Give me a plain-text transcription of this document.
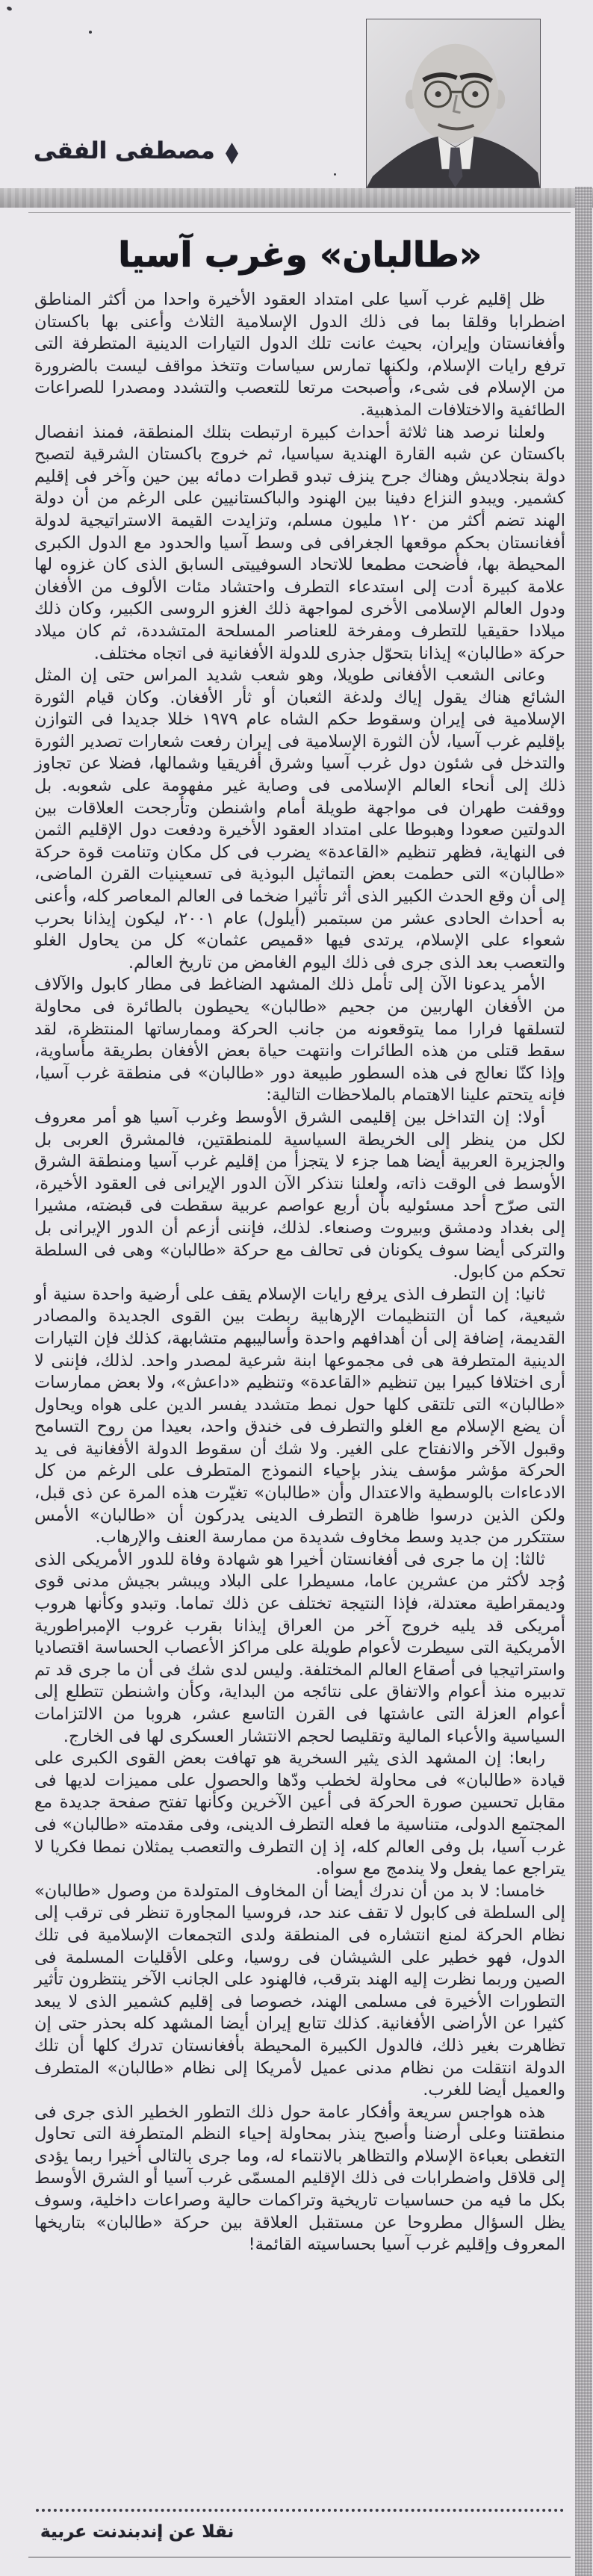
مصطفى الفقى
«طالبان» وغرب آسيا

ظل إقليم غرب آسيا على امتداد العقود الأخيرة واحدا من أكثر المناطق اضطرابا وقلقا بما فى ذلك الدول الإسلامية الثلاث وأعنى بها باكستان وأفغانستان وإيران، بحيث عانت تلك الدول التيارات الدينية المتطرفة التى ترفع رايات الإسلام، ولكنها تمارس سياسات وتتخذ مواقف ليست بالضرورة من الإسلام فى شىء، وأصبحت مرتعا للتعصب والتشدد ومصدرا للصراعات الطائفية والاختلافات المذهبية.

ولعلنا نرصد هنا ثلاثة أحداث كبيرة ارتبطت بتلك المنطقة، فمنذ انفصال باكستان عن شبه القارة الهندية سياسيا، ثم خروج باكستان الشرقية لتصبح دولة بنجلاديش وهناك جرح ينزف تبدو قطرات دمائه بين حين وآخر فى إقليم كشمير. ويبدو النزاع دفينا بين الهنود والباكستانيين على الرغم من أن دولة الهند تضم أكثر من ١٢٠ مليون مسلم، وتزايدت القيمة الاستراتيجية لدولة أفغانستان بحكم موقعها الجغرافى فى وسط آسيا والحدود مع الدول الكبرى المحيطة بها، فأضحت مطمعا للاتحاد السوفييتى السابق الذى كان غزوه لها علامة كبيرة أدت إلى استدعاء التطرف واحتشاد مئات الألوف من الأفغان ودول العالم الإسلامى الأخرى لمواجهة ذلك الغزو الروسى الكبير، وكان ذلك ميلادا حقيقيا للتطرف ومفرخة للعناصر المسلحة المتشددة، ثم كان ميلاد حركة «طالبان» إيذانا بتحوّل جذرى للدولة الأفغانية فى اتجاه مختلف.

وعانى الشعب الأفغانى طويلا، وهو شعب شديد المراس حتى إن المثل الشائع هناك يقول إياك ولدغة الثعبان أو ثأر الأفغان. وكان قيام الثورة الإسلامية فى إيران وسقوط حكم الشاه عام ١٩٧٩ خللا جديدا فى التوازن بإقليم غرب آسيا، لأن الثورة الإسلامية فى إيران رفعت شعارات تصدير الثورة والتدخل فى شئون دول غرب آسيا وشرق أفريقيا وشمالها، فضلا عن تجاوز ذلك إلى أنحاء العالم الإسلامى فى وصاية غير مفهومة على شعوبه. بل ووقفت طهران فى مواجهة طويلة أمام واشنطن وتأرجحت العلاقات بين الدولتين صعودا وهبوطا على امتداد العقود الأخيرة ودفعت دول الإقليم الثمن فى النهاية، فظهر تنظيم «القاعدة» يضرب فى كل مكان وتنامت قوة حركة «طالبان» التى حطمت بعض التماثيل البوذية فى تسعينيات القرن الماضى، إلى أن وقع الحدث الكبير الذى أثر تأثيرا ضخما فى العالم المعاصر كله، وأعنى به أحداث الحادى عشر من سبتمبر (أيلول) عام ٢٠٠١، ليكون إيذانا بحرب شعواء على الإسلام، يرتدى فيها «قميص عثمان» كل من يحاول الغلو والتعصب بعد الذى جرى فى ذلك اليوم الغامض من تاريخ العالم.

الأمر يدعونا الآن إلى تأمل ذلك المشهد الضاغط فى مطار كابول والآلاف من الأفغان الهاربين من جحيم «طالبان» يحيطون بالطائرة فى محاولة لتسلقها فرارا مما يتوقعونه من جانب الحركة وممارساتها المنتظرة، لقد سقط قتلى من هذه الطائرات وانتهت حياة بعض الأفغان بطريقة مأساوية، وإذا كنّا نعالج فى هذه السطور طبيعة دور «طالبان» فى منطقة غرب آسيا، فإنه يتحتم علينا الاهتمام بالملاحظات التالية:

أولا: إن التداخل بين إقليمى الشرق الأوسط وغرب آسيا هو أمر معروف لكل من ينظر إلى الخريطة السياسية للمنطقتين، فالمشرق العربى بل والجزيرة العربية أيضا هما جزء لا يتجزأ من إقليم غرب آسيا ومنطقة الشرق الأوسط فى الوقت ذاته، ولعلنا نتذكر الآن الدور الإيرانى فى العقود الأخيرة، التى صرّح أحد مسئوليه بأن أربع عواصم عربية سقطت فى قبضته، مشيرا إلى بغداد ودمشق وبيروت وصنعاء. لذلك، فإننى أزعم أن الدور الإيرانى بل والتركى أيضا سوف يكونان فى تحالف مع حركة «طالبان» وهى فى السلطة تحكم من كابول.

ثانيا: إن التطرف الذى يرفع رايات الإسلام يقف على أرضية واحدة سنية أو شيعية، كما أن التنظيمات الإرهابية ربطت بين القوى الجديدة والمصادر القديمة، إضافة إلى أن أهدافهم واحدة وأساليبهم متشابهة، كذلك فإن التيارات الدينية المتطرفة هى فى مجموعها ابنة شرعية لمصدر واحد. لذلك، فإننى لا أرى اختلافا كبيرا بين تنظيم «القاعدة» وتنظيم «داعش»، ولا بعض ممارسات «طالبان» التى تلتقى كلها حول نمط متشدد يفسر الدين على هواه ويحاول أن يضع الإسلام مع الغلو والتطرف فى خندق واحد، بعيدا من روح التسامح وقبول الآخر والانفتاح على الغير. ولا شك أن سقوط الدولة الأفغانية فى يد الحركة مؤشر مؤسف ينذر بإحياء النموذج المتطرف على الرغم من كل الادعاءات بالوسطية والاعتدال وأن «طالبان» تغيّرت هذه المرة عن ذى قبل، ولكن الذين درسوا ظاهرة التطرف الدينى يدركون أن «طالبان» الأمس ستتكرر من جديد وسط مخاوف شديدة من ممارسة العنف والإرهاب.

ثالثا: إن ما جرى فى أفغانستان أخيرا هو شهادة وفاة للدور الأمريكى الذى وُجد لأكثر من عشرين عاما، مسيطرا على البلاد ويبشر بجيش مدنى قوى وديمقراطية معتدلة، فإذا النتيجة تختلف عن ذلك تماما. وتبدو وكأنها هروب أمريكى قد يليه خروج آخر من العراق إيذانا بقرب غروب الإمبراطورية الأمريكية التى سيطرت لأعوام طويلة على مراكز الأعصاب الحساسة اقتصاديا واستراتيجيا فى أصقاع العالم المختلفة. وليس لدى شك فى أن ما جرى قد تم تدبيره منذ أعوام والاتفاق على نتائجه من البداية، وكأن واشنطن تتطلع إلى أعوام العزلة التى عاشتها فى القرن التاسع عشر، هروبا من الالتزامات السياسية والأعباء المالية وتقليصا لحجم الانتشار العسكرى لها فى الخارج.

رابعا: إن المشهد الذى يثير السخرية هو تهافت بعض القوى الكبرى على قيادة «طالبان» فى محاولة لخطب ودّها والحصول على مميزات لديها فى مقابل تحسين صورة الحركة فى أعين الآخرين وكأنها تفتح صفحة جديدة مع المجتمع الدولى، متناسية ما فعله التطرف الدينى، وفى مقدمته «طالبان» فى غرب آسيا، بل وفى العالم كله، إذ إن التطرف والتعصب يمثلان نمطا فكريا لا يتراجع عما يفعل ولا يندمج مع سواه.

خامسا: لا بد من أن ندرك أيضا أن المخاوف المتولدة من وصول «طالبان» إلى السلطة فى كابول لا تقف عند حد، فروسيا المجاورة تنظر فى ترقب إلى نظام الحركة لمنع انتشاره فى المنطقة ولدى التجمعات الإسلامية فى تلك الدول، فهو خطير على الشيشان فى روسيا، وعلى الأقليات المسلمة فى الصين وربما نظرت إليه الهند بترقب، فالهنود على الجانب الآخر ينتظرون تأثير التطورات الأخيرة فى مسلمى الهند، خصوصا فى إقليم كشمير الذى لا يبعد كثيرا عن الأراضى الأفغانية. كذلك تتابع إيران أيضا المشهد كله بحذر حتى إن تظاهرت بغير ذلك، فالدول الكبيرة المحيطة بأفغانستان تدرك كلها أن تلك الدولة انتقلت من نظام مدنى عميل لأمريكا إلى نظام «طالبان» المتطرف والعميل أيضا للغرب.

هذه هواجس سريعة وأفكار عامة حول ذلك التطور الخطير الذى جرى فى منطقتنا وعلى أرضنا وأصبح ينذر بمحاولة إحياء النظم المتطرفة التى تحاول التغطى بعباءة الإسلام والتظاهر بالانتماء له، وما جرى بالتالى أخيرا ربما يؤدى إلى قلاقل واضطرابات فى ذلك الإقليم المسمّى غرب آسيا أو الشرق الأوسط بكل ما فيه من حساسيات تاريخية وتراكمات حالية وصراعات داخلية، وسوف يظل السؤال مطروحا عن مستقبل العلاقة بين حركة «طالبان» بتاريخها المعروف وإقليم غرب آسيا بحساسيته القائمة!

نقلا عن إندبندنت عربية
